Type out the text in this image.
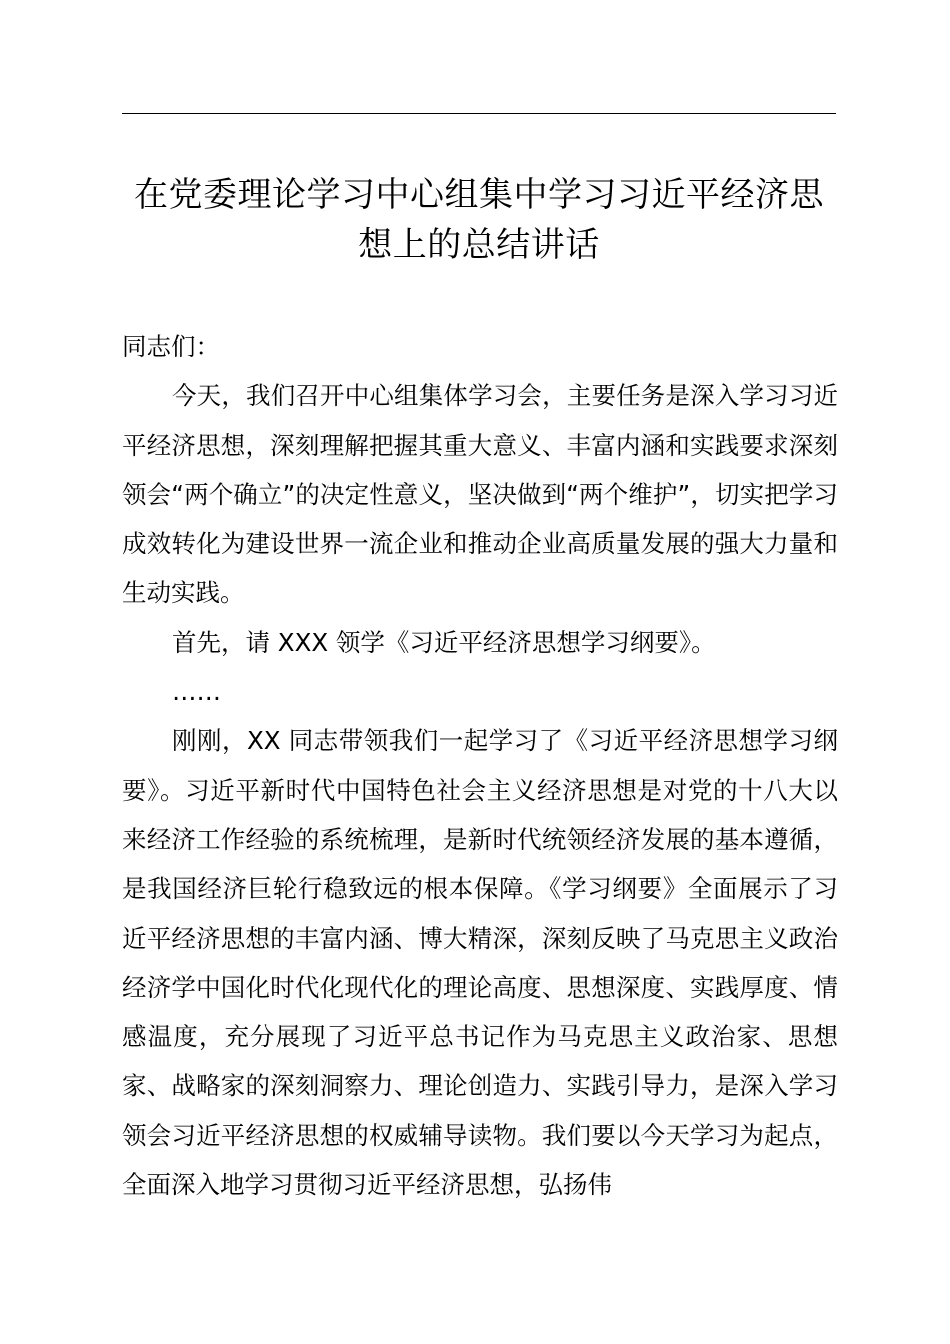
在党委理论学习中心组集中学习习近平经济思想上的总结讲话

同志们：

今天，我们召开中心组集体学习会，主要任务是深入学习习近平经济思想，深刻理解把握其重大意义、丰富内涵和实践要求深刻领会“两个确立”的决定性意义，坚决做到“两个维护”，切实把学习成效转化为建设世界一流企业和推动企业高质量发展的强大力量和生动实践。

首先，请 XXX 领学《习近平经济思想学习纲要》。

……

刚刚，XX 同志带领我们一起学习了《习近平经济思想学习纲要》。习近平新时代中国特色社会主义经济思想是对党的十八大以来经济工作经验的系统梳理，是新时代统领经济发展的基本遵循，是我国经济巨轮行稳致远的根本保障。《学习纲要》全面展示了习近平经济思想的丰富内涵、博大精深，深刻反映了马克思主义政治经济学中国化时代化现代化的理论高度、思想深度、实践厚度、情感温度，充分展现了习近平总书记作为马克思主义政治家、思想家、战略家的深刻洞察力、理论创造力、实践引导力，是深入学习领会习近平经济思想的权威辅导读物。我们要以今天学习为起点，全面深入地学习贯彻习近平经济思想，弘扬伟
